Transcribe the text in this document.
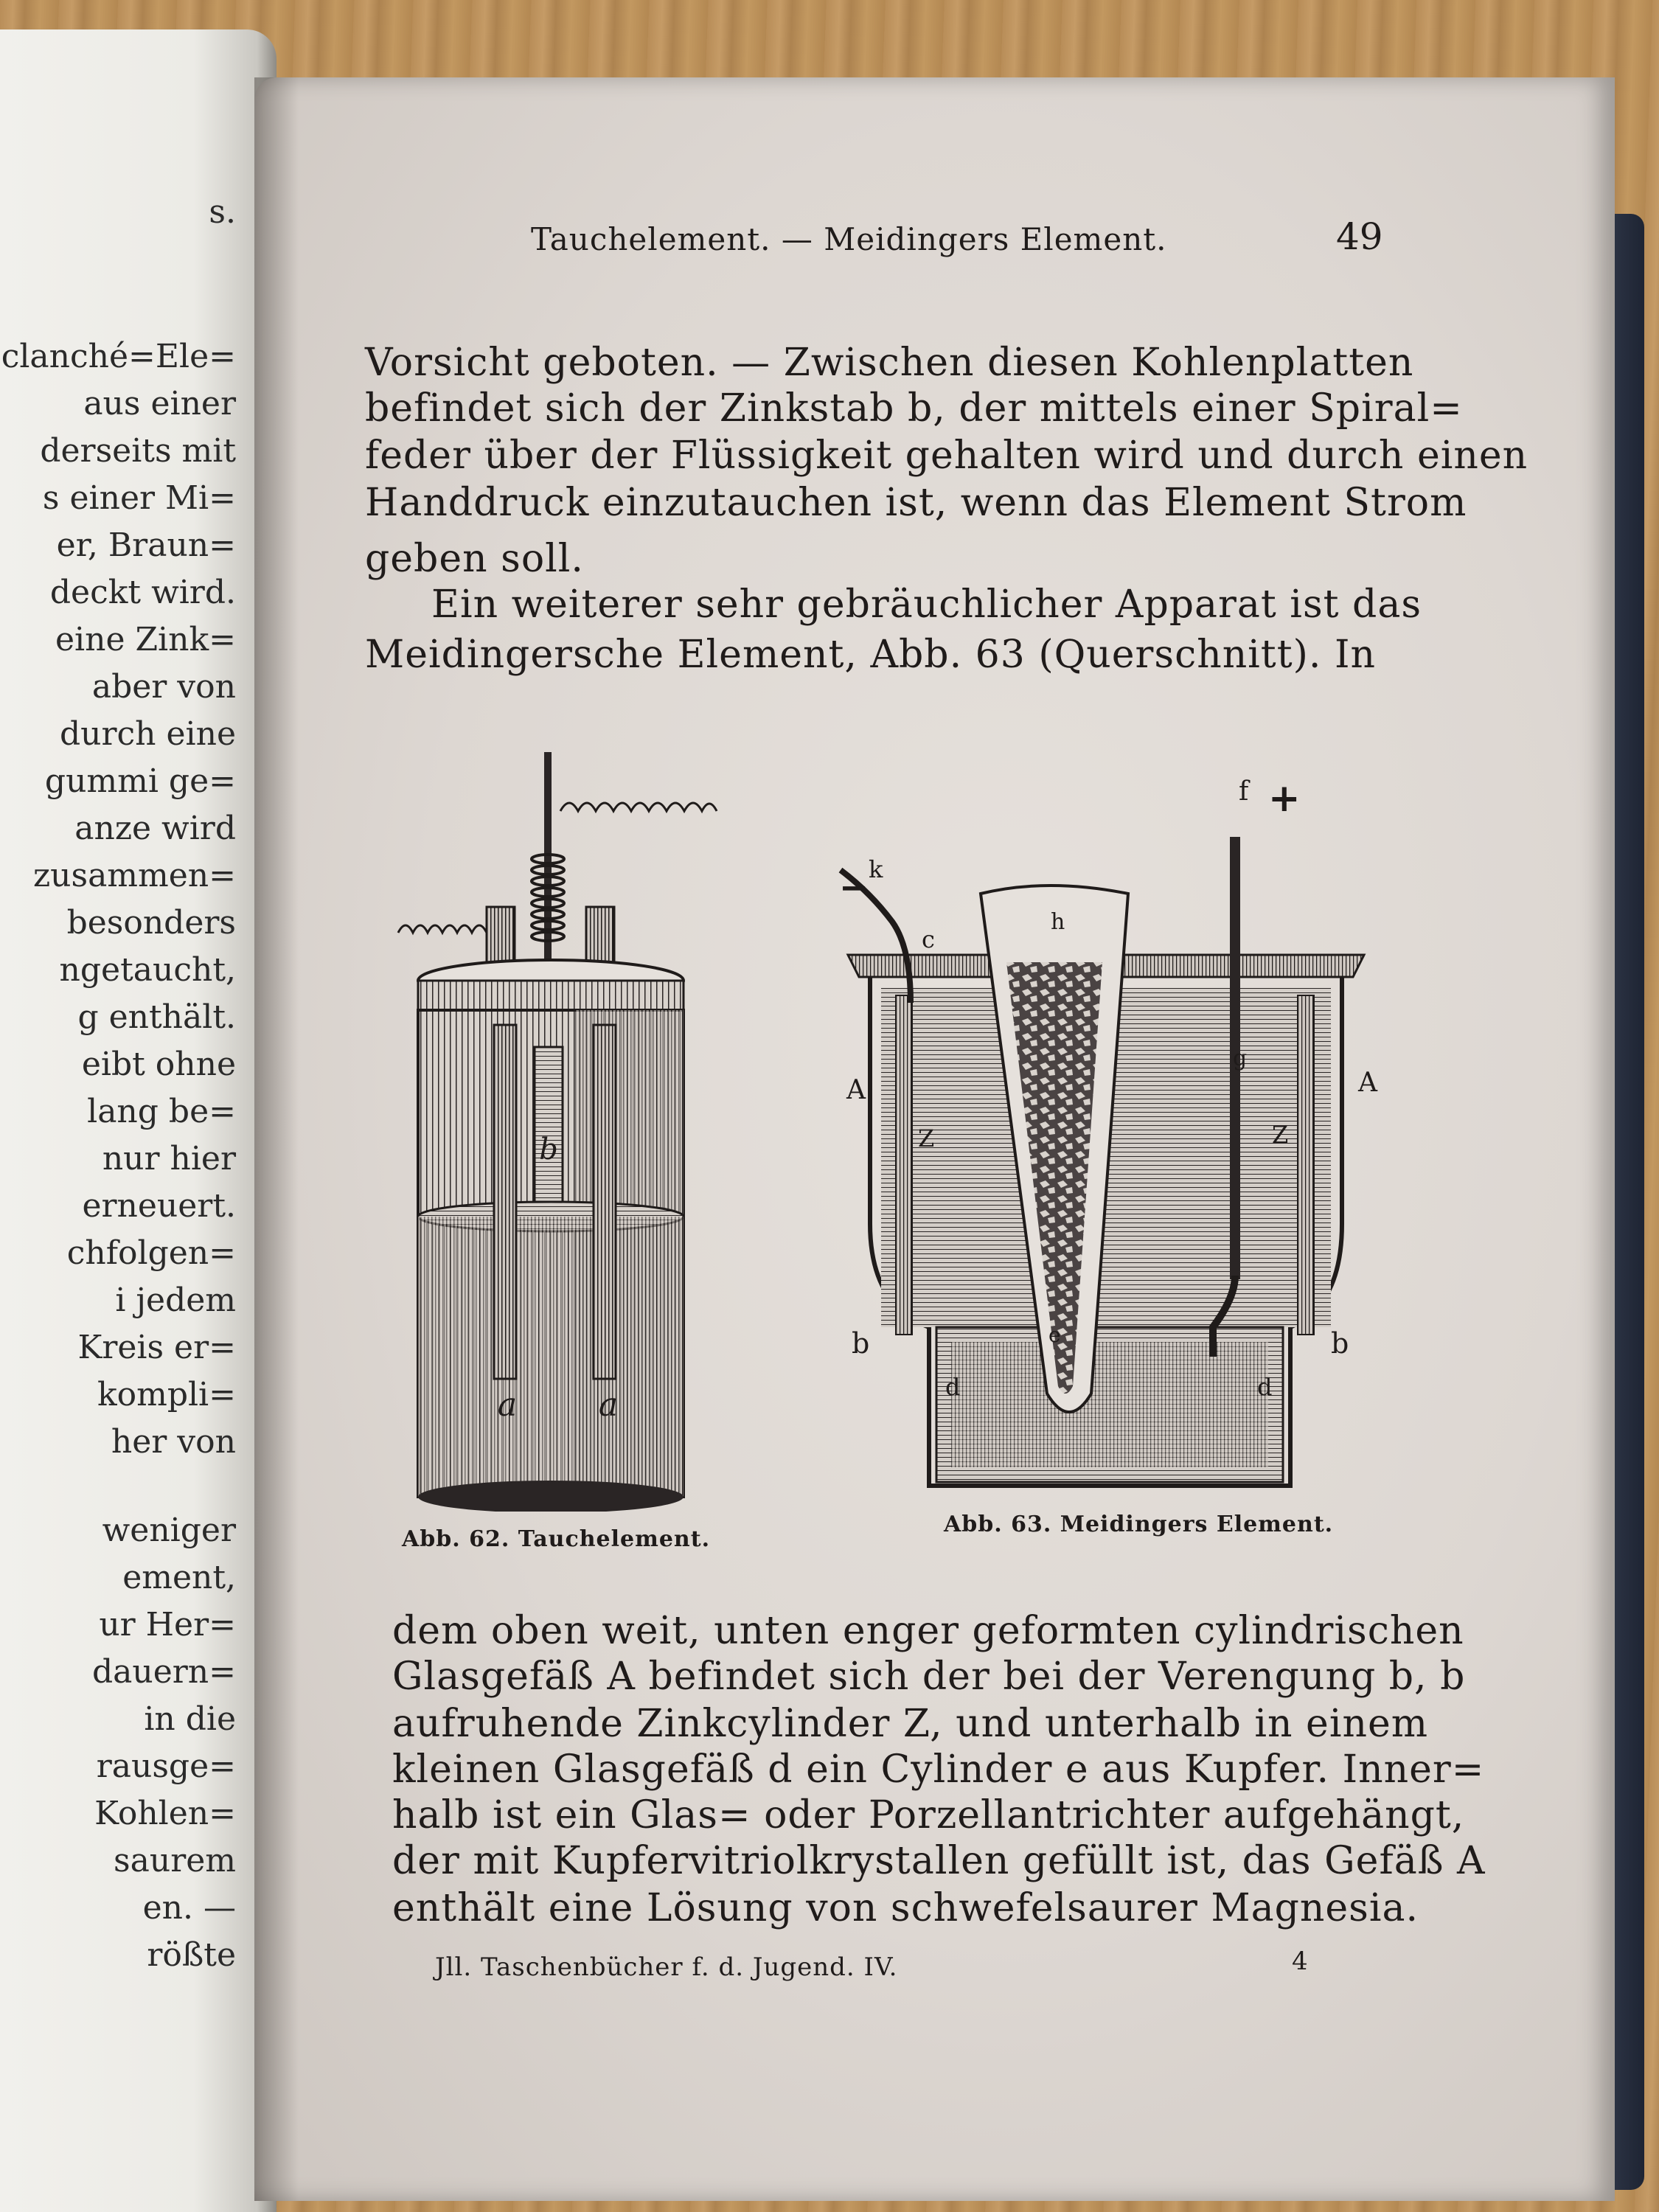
s.
clanché=Ele=
aus einer
derseits mit
s einer Mi=
er, Braun=
deckt wird.
eine Zink=
aber von
durch eine
gummi ge=
anze wird
zusammen=
besonders
ngetaucht,
g enthält.
eibt ohne
lang be=
nur hier
erneuert.
chfolgen=
i jedem
Kreis er=
kompli=
her von
weniger
ement,
ur Her=
dauern=
in die
rausge=
Kohlen=
saurem
en. —
rößte
Tauchelement. — Meidingers Element.	49
Vorsicht geboten. — Zwischen diesen Kohlenplatten
befindet sich der Zinkstab b, der mittels einer Spiral=
feder über der Flüssigkeit gehalten wird und durch einen
Handdruck einzutauchen ist, wenn das Element Strom
geben soll.
Ein weiterer sehr gebräuchlicher Apparat ist das
Meidingersche Element, Abb. 63 (Querschnitt). In
b
a	a
Abb. 62. Tauchelement.
f +
− k
c
h
g
A	A
Z	Z
b	b
d	d
e
Abb. 63. Meidingers Element.
dem oben weit, unten enger geformten cylindrischen
Glasgefäß A befindet sich der bei der Verengung b, b
aufruhende Zinkcylinder Z, und unterhalb in einem
kleinen Glasgefäß d ein Cylinder e aus Kupfer. Inner=
halb ist ein Glas= oder Porzellantrichter aufgehängt,
der mit Kupfervitriolkrystallen gefüllt ist, das Gefäß A
enthält eine Lösung von schwefelsaurer Magnesia.
Jll. Taschenbücher f. d. Jugend. IV.	4
